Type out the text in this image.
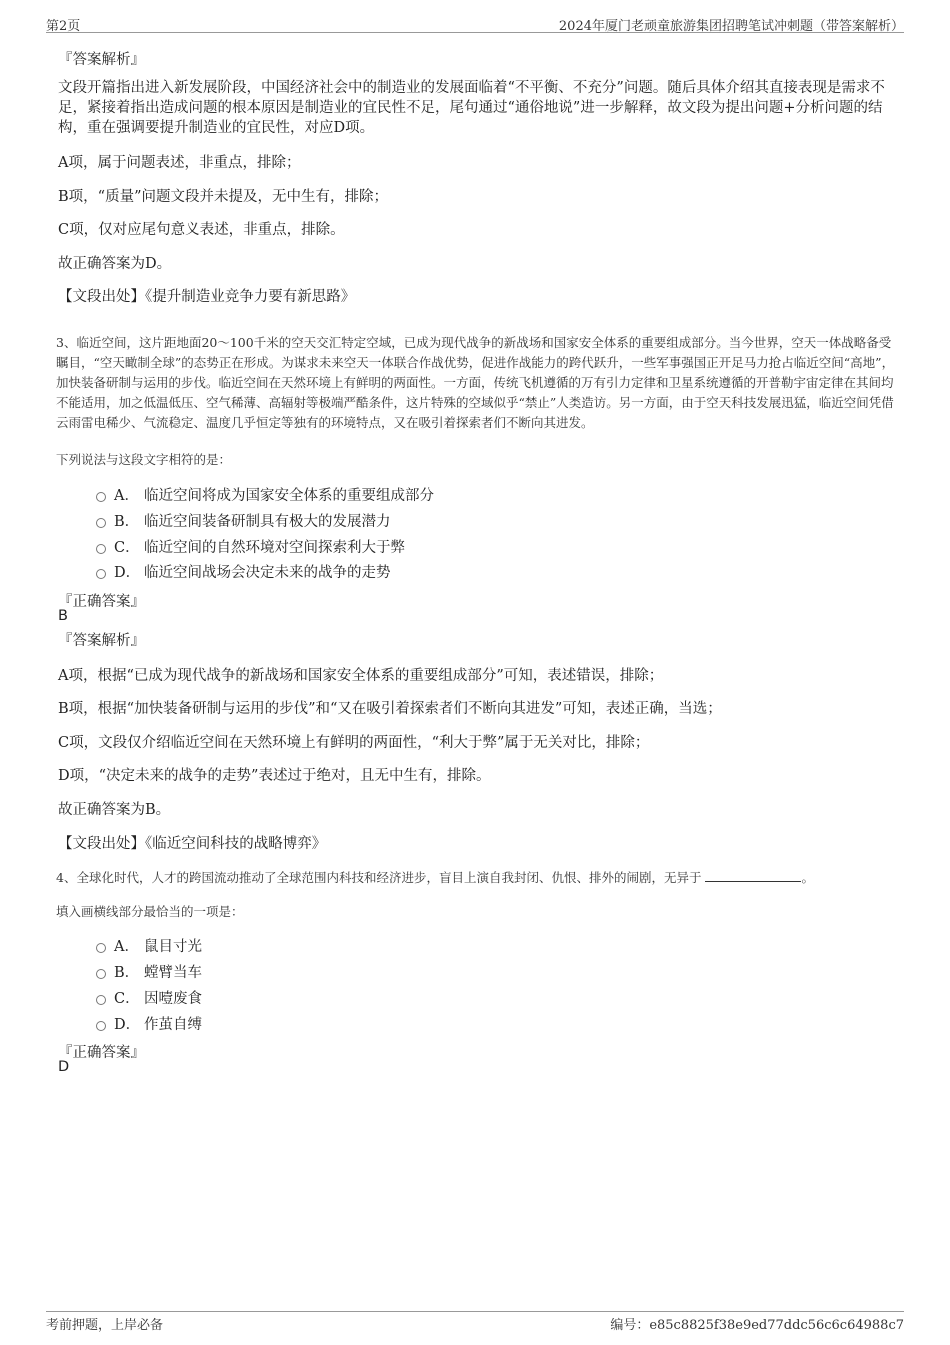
第2页	2024年厦门老顽童旅游集团招聘笔试冲刺题（带答案解析）
『答案解析』
文段开篇指出进入新发展阶段，中国经济社会中的制造业的发展面临着“不平衡、不充分”问题。随后具体介绍其直接表现是需求不足，紧接着指出造成问题的根本原因是制造业的宜民性不足，尾句通过“通俗地说”进一步解释，故文段为提出问题+分析问题的结构，重在强调要提升制造业的宜民性，对应D项。
A项，属于问题表述，非重点，排除；
B项，“质量”问题文段并未提及，无中生有，排除；
C项，仅对应尾句意义表述，非重点，排除。
故正确答案为D。
【文段出处】《提升制造业竞争力要有新思路》
3、临近空间，这片距地面20～100千米的空天交汇特定空域，已成为现代战争的新战场和国家安全体系的重要组成部分。当今世界，空天一体战略备受瞩目，“空天瞰制全球”的态势正在形成。为谋求未来空天一体联合作战优势，促进作战能力的跨代跃升，一些军事强国正开足马力抢占临近空间“高地”，加快装备研制与运用的步伐。临近空间在天然环境上有鲜明的两面性。一方面，传统飞机遵循的万有引力定律和卫星系统遵循的开普勒宇宙定律在其间均不能适用，加之低温低压、空气稀薄、高辐射等极端严酷条件，这片特殊的空域似乎“禁止”人类造访。另一方面，由于空天科技发展迅猛，临近空间凭借云雨雷电稀少、气流稳定、温度几乎恒定等独有的环境特点，又在吸引着探索者们不断向其进发。
下列说法与这段文字相符的是：
A． 临近空间将成为国家安全体系的重要组成部分
B． 临近空间装备研制具有极大的发展潜力
C． 临近空间的自然环境对空间探索利大于弊
D． 临近空间战场会决定未来的战争的走势
『正确答案』
B
『答案解析』
A项，根据“已成为现代战争的新战场和国家安全体系的重要组成部分”可知，表述错误，排除；
B项，根据“加快装备研制与运用的步伐”和“又在吸引着探索者们不断向其进发”可知，表述正确，当选；
C项，文段仅介绍临近空间在天然环境上有鲜明的两面性，“利大于弊”属于无关对比，排除；
D项，“决定未来的战争的走势”表述过于绝对，且无中生有，排除。
故正确答案为B。
【文段出处】《临近空间科技的战略博弈》
4、全球化时代，人才的跨国流动推动了全球范围内科技和经济进步，盲目上演自我封闭、仇恨、排外的闹剧，无异于	。
填入画横线部分最恰当的一项是：
A． 鼠目寸光
B． 螳臂当车
C． 因噎废食
D． 作茧自缚
『正确答案』
D
考前押题，上岸必备	编号：e85c8825f38e9ed77ddc56c6c64988c7
